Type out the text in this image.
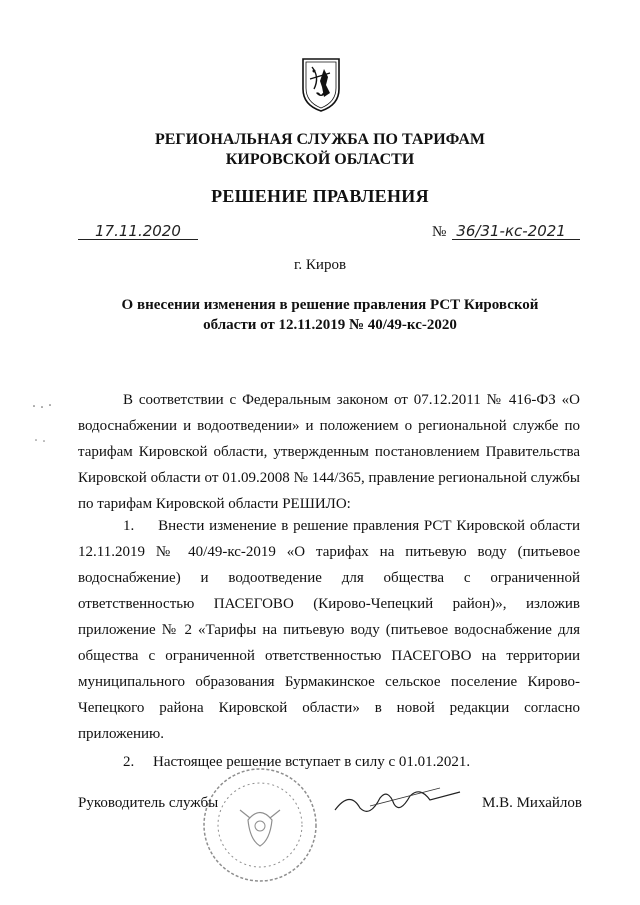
РЕГИОНАЛЬНАЯ СЛУЖБА ПО ТАРИФАМ
КИРОВСКОЙ ОБЛАСТИ
РЕШЕНИЕ ПРАВЛЕНИЯ
17.11.2020	№ 36/31-кс-2021
г. Киров
О внесении изменения в решение правления РСТ Кировской области от 12.11.2019 № 40/49-кс-2020

В соответствии с Федеральным законом от 07.12.2011 № 416-ФЗ «О водоснабжении и водоотведении» и положением о региональной службе по тарифам Кировской области, утвержденным постановлением Правительства Кировской области от 01.09.2008 № 144/365, правление региональной службы по тарифам Кировской области РЕШИЛО:

1.     Внести изменение в решение правления РСТ Кировской области 12.11.2019 № 40/49-кс-2019 «О тарифах на питьевую воду (питьевое водоснабжение) и водоотведение для общества с ограниченной ответственностью ПАСЕГОВО (Кирово-Чепецкий район)», изложив приложение № 2 «Тарифы на питьевую воду (питьевое водоснабжение для общества с ограниченной ответственностью ПАСЕГОВО на территории муниципального образования Бурмакинское сельское поселение Кирово-Чепецкого района Кировской области» в новой редакции согласно приложению.

2.     Настоящее решение вступает в силу с 01.01.2021.

Руководитель службы	М.В. Михайлов
